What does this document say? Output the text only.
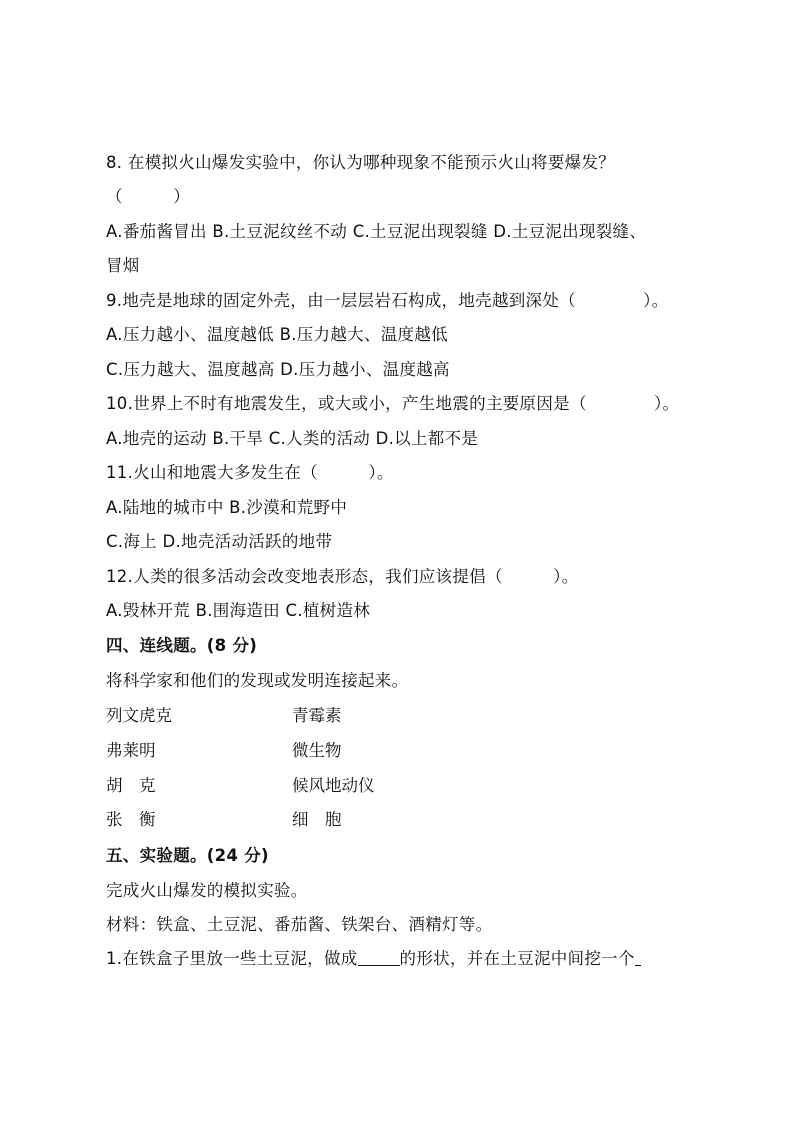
8. 在模拟火山爆发实验中，你认为哪种现象不能预示火山将要爆发？
（　　　）
A.番茄酱冒出 B.土豆泥纹丝不动 C.土豆泥出现裂缝 D.土豆泥出现裂缝、
冒烟
9.地壳是地球的固定外壳，由一层层岩石构成，地壳越到深处（　　　　）。
A.压力越小、温度越低 B.压力越大、温度越低
C.压力越大、温度越高 D.压力越小、温度越高
10.世界上不时有地震发生，或大或小，产生地震的主要原因是（　　　　）。
A.地壳的运动 B.干旱 C.人类的活动 D.以上都不是
11.火山和地震大多发生在（　　　）。
A.陆地的城市中 B.沙漠和荒野中
C.海上 D.地壳活动活跃的地带
12.人类的很多活动会改变地表形态，我们应该提倡（　　　）。
A.毁林开荒 B.围海造田 C.植树造林
四、连线题。(8 分)
将科学家和他们的发现或发明连接起来。
列文虎克	青霉素
弗莱明	微生物
胡　克	候风地动仪
张　衡	细　胞
五、实验题。(24 分)
完成火山爆发的模拟实验。
材料：铁盒、土豆泥、番茄酱、铁架台、酒精灯等。
1.在铁盒子里放一些土豆泥，做成	的形状，并在土豆泥中间挖一个
